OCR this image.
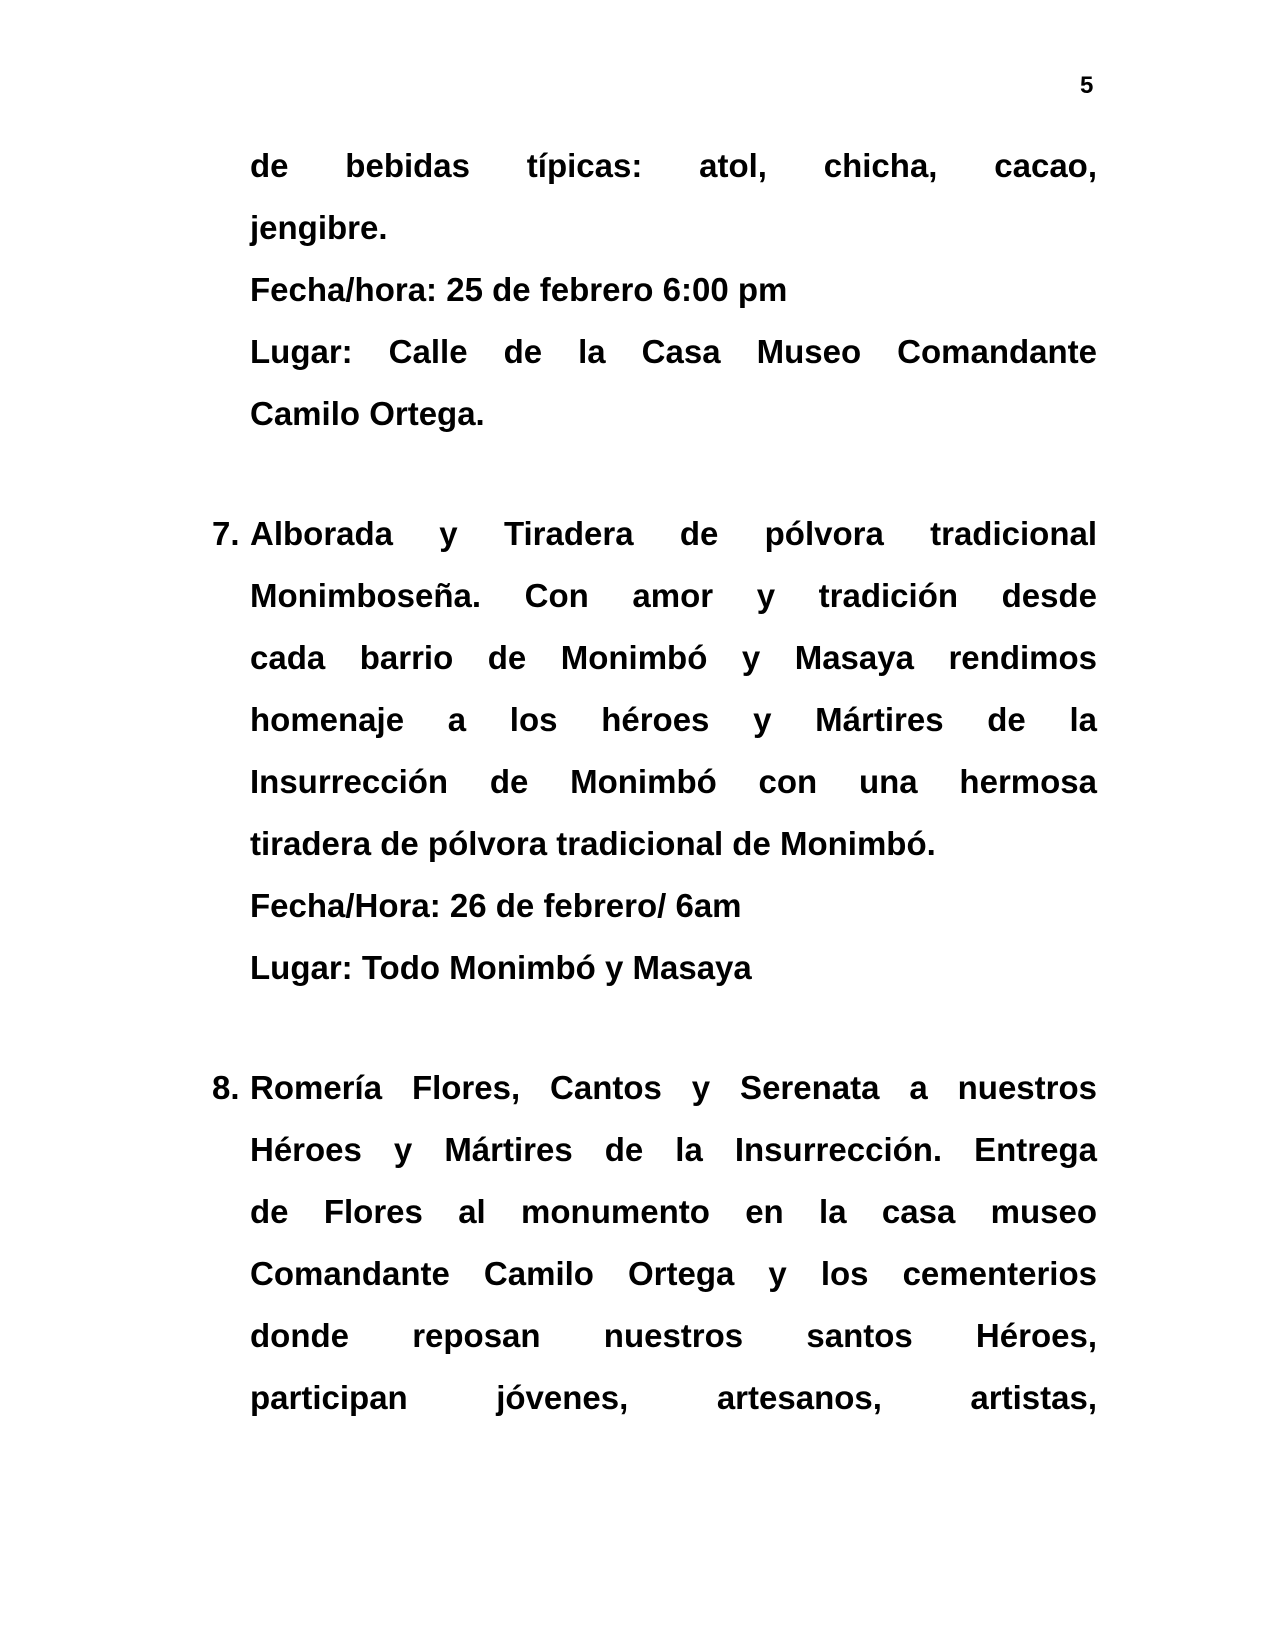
5
de bebidas típicas: atol, chicha, cacao,
jengibre.
Fecha/hora: 25 de febrero 6:00 pm
Lugar: Calle de la Casa Museo Comandante
Camilo Ortega.
7. Alborada y Tiradera de pólvora tradicional
Monimboseña. Con amor y tradición desde
cada barrio de Monimbó y Masaya rendimos
homenaje a los héroes y Mártires de la
Insurrección de Monimbó con una hermosa
tiradera de pólvora tradicional de Monimbó.
Fecha/Hora: 26 de febrero/ 6am
Lugar: Todo Monimbó y Masaya
8. Romería Flores, Cantos y Serenata a nuestros
Héroes y Mártires de la Insurrección. Entrega
de Flores al monumento en la casa museo
Comandante Camilo Ortega y los cementerios
donde reposan nuestros santos Héroes,
participan jóvenes, artesanos, artistas,
